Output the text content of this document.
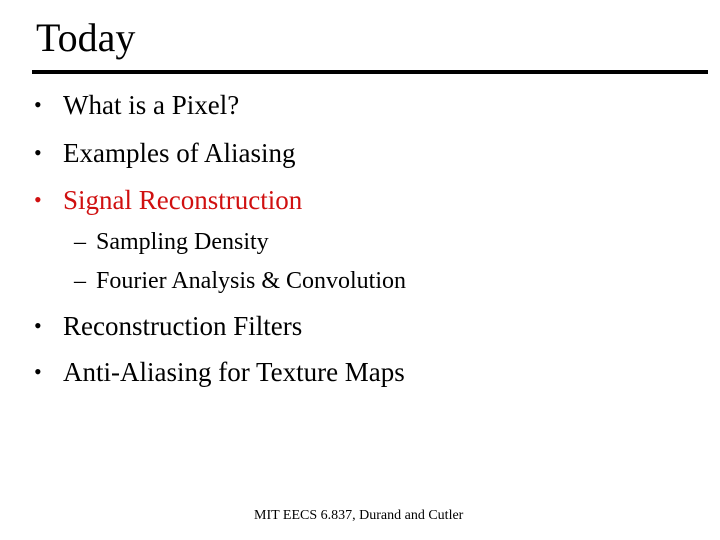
Today
• What is a Pixel?
• Examples of Aliasing
• Signal Reconstruction
– Sampling Density
– Fourier Analysis & Convolution
• Reconstruction Filters
• Anti-Aliasing for Texture Maps
MIT EECS 6.837, Durand and Cutler
